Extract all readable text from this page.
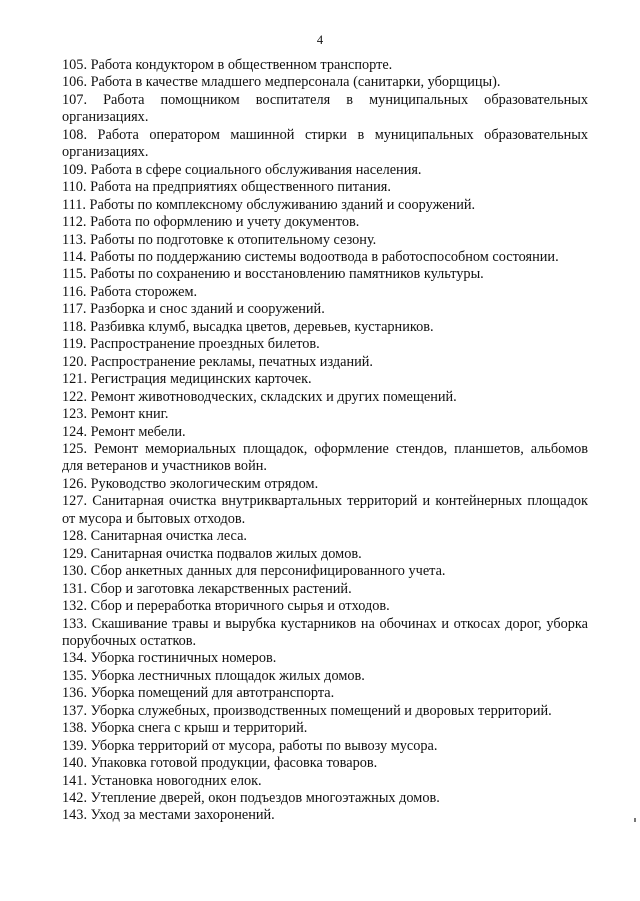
4
105. Работа кондуктором в общественном транспорте.
106. Работа в качестве младшего медперсонала (санитарки, уборщицы).
107. Работа помощником воспитателя в муниципальных образовательных организациях.
108. Работа оператором машинной стирки в муниципальных образовательных организациях.
109. Работа в сфере социального обслуживания населения.
110. Работа на предприятиях общественного питания.
111. Работы по комплексному обслуживанию зданий и сооружений.
112. Работа по оформлению и учету документов.
113. Работы по подготовке к отопительному сезону.
114. Работы по поддержанию системы водоотвода в работоспособном состоянии.
115. Работы по сохранению и восстановлению памятников культуры.
116. Работа сторожем.
117. Разборка и снос зданий и сооружений.
118. Разбивка клумб, высадка цветов, деревьев, кустарников.
119. Распространение проездных билетов.
120. Распространение рекламы, печатных изданий.
121. Регистрация медицинских карточек.
122. Ремонт животноводческих, складских и других помещений.
123. Ремонт книг.
124. Ремонт мебели.
125. Ремонт мемориальных площадок, оформление стендов, планшетов, альбомов для ветеранов и участников войн.
126. Руководство экологическим отрядом.
127. Санитарная очистка внутриквартальных территорий и контейнерных площадок от мусора и бытовых отходов.
128. Санитарная очистка леса.
129. Санитарная очистка подвалов жилых домов.
130. Сбор анкетных данных для персонифицированного учета.
131. Сбор и заготовка лекарственных растений.
132. Сбор и переработка вторичного сырья и отходов.
133. Скашивание травы и вырубка кустарников на обочинах и откосах дорог, уборка порубочных остатков.
134. Уборка гостиничных номеров.
135. Уборка лестничных площадок жилых домов.
136. Уборка помещений для автотранспорта.
137. Уборка служебных, производственных помещений и дворовых территорий.
138. Уборка снега с крыш и территорий.
139. Уборка территорий от мусора, работы по вывозу мусора.
140. Упаковка готовой продукции, фасовка товаров.
141. Установка новогодних елок.
142. Утепление дверей, окон подъездов многоэтажных домов.
143. Уход за местами захоронений.
